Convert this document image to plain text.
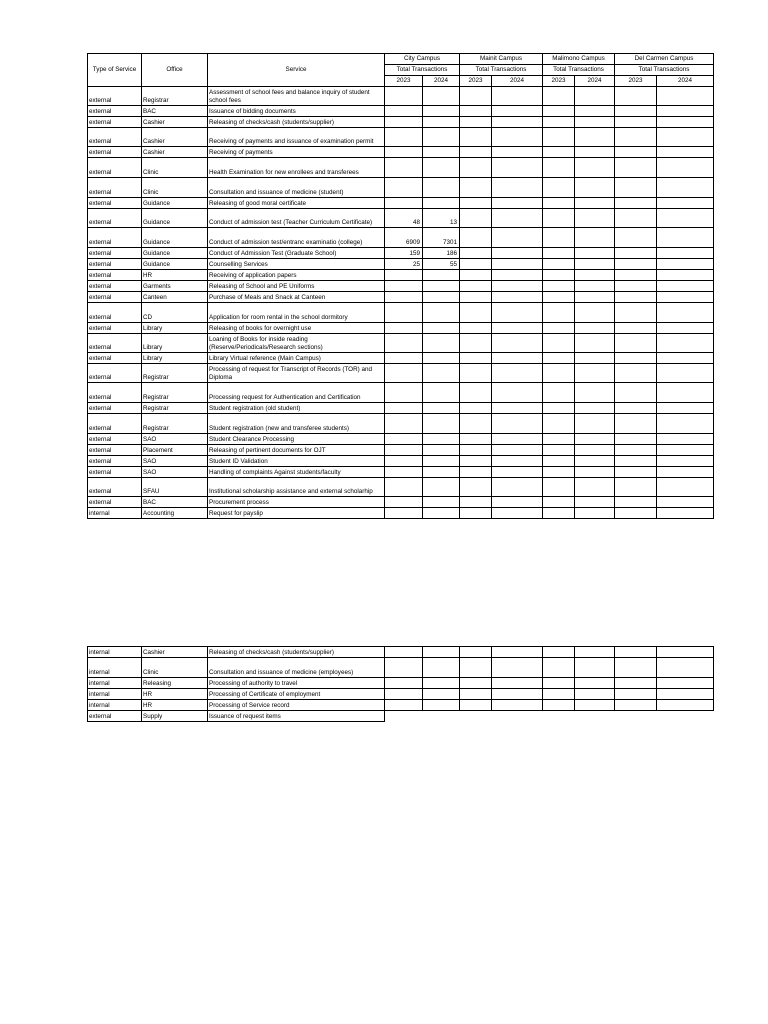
Type of Service	Office	Service	City Campus		Mainit Campus		Malimono Campus		Del Carmen Campus	
			Total Transactions		Total Transactions		Total Transactions		Total Transactions	
			2023	2024	2023	2024	2023	2024	2023	2024
external	Registrar	Assessment of school fees and balance inquiry of student school fees								
external	BAC	Issuance of bidding documents								
external	Cashier	Releasing of checks/cash (students/supplier)								
external	Cashier	Receiving of payments and issuance of examination permit								
external	Cashier	Receiving of payments								
external	Clinic	Health Examination for new enrollees and transferees								
external	Clinic	Consultation and issuance of medicine (student)								
external	Guidance	Releasing of good moral certificate								
external	Guidance	Conduct of admission test (Teacher Curriculum Certificate)	48	13						
external	Guidance	Conduct of admission test/entranc examinatio (college)	6909	7301						
external	Guidance	Conduct of Admission Test (Graduate School)	159	186						
external	Guidance	Counselling Services	25	55						
external	HR	Receiving of application papers								
external	Garments	Releasing of School and PE Uniforms								
external	Canteen	Purchase of Meals and Snack at Canteen								
external	CD	Application for room rental in the school dormitory								
external	Library	Releasing of books for overnight use								
external	Library	Loaning of Books for inside reading (Reserve/Periodicals/Research sections)								
external	Library	Library Virtual reference (Main Campus)								
external	Registrar	Processing of request for Transcript of Records (TOR) and Diploma								
external	Registrar	Processing request for Authentication and Certification								
external	Registrar	Student registration (old student)								
external	Registrar	Student registration (new and transferee students)								
external	SAO	Student Clearance Processing								
external	Placement	Releasing of pertinent documents for OJT								
external	SAO	Student ID Validation								
external	SAO	Handling of complaints Against students/faculty								
external	SFAU	Institutional scholarship assistance and external scholarhip								
external	BAC	Procurement process								
internal	Accounting	Request for payslip								
internal	Cashier	Releasing of checks/cash (students/supplier)								
internal	Clinic	Consultation and issuance of medicine (employees)								
internal	Releasing	Processing of authority to travel								
internal	HR	Processing of Certificate of employment								
internal	HR	Processing of Service record								
external	Supply	Issuance of request items								
